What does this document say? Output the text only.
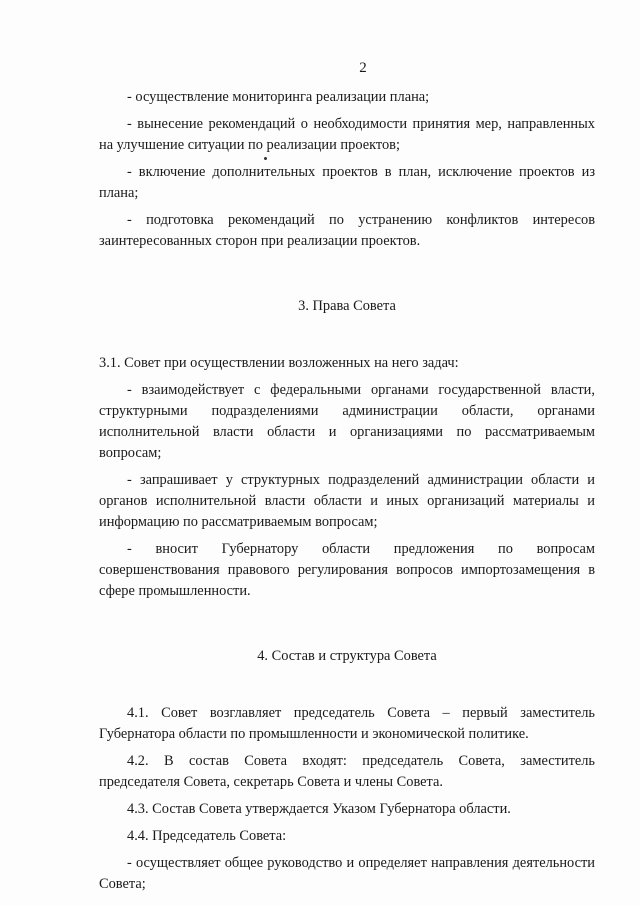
2

- осуществление мониторинга реализации плана;

- вынесение рекомендаций о необходимости принятия мер, направленных на улучшение ситуации по реализации проектов;

- включение дополнительных проектов в план, исключение проектов из плана;

- подготовка рекомендаций по устранению конфликтов интересов заинтересованных сторон при реализации проектов.

3. Права Совета

3.1. Совет при осуществлении возложенных на него задач:

- взаимодействует с федеральными органами государственной власти, структурными подразделениями администрации области, органами исполнительной власти области и организациями по рассматриваемым вопросам;

- запрашивает у структурных подразделений администрации области и органов исполнительной власти области и иных организаций материалы и информацию по рассматриваемым вопросам;

- вносит Губернатору области предложения по вопросам совершенствования правового регулирования вопросов импортозамещения в сфере промышленности.

4. Состав и структура Совета

4.1. Совет возглавляет председатель Совета – первый заместитель Губернатора области по промышленности и экономической политике.

4.2. В состав Совета входят: председатель Совета, заместитель председателя Совета, секретарь Совета и члены Совета.

4.3. Состав Совета утверждается Указом Губернатора области.

4.4. Председатель Совета:

- осуществляет общее руководство и определяет направления деятельности Совета;
